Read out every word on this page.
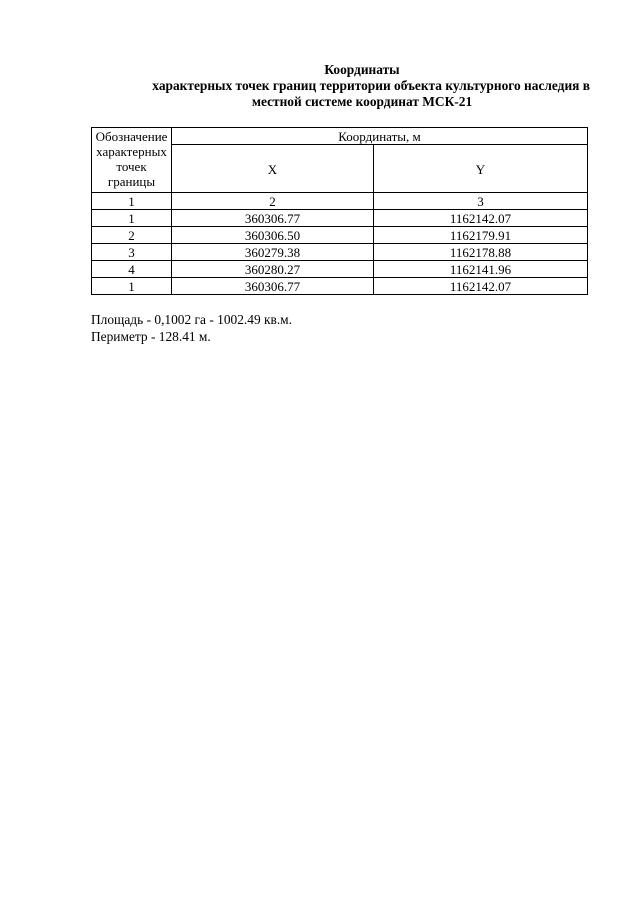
Координаты
характерных точек границ территории объекта культурного наследия в
местной системе координат МСК-21
Обозначение характерных точек границы	Координаты, м	
	X	Y
1	2	3
1	360306.77	1162142.07
2	360306.50	1162179.91
3	360279.38	1162178.88
4	360280.27	1162141.96
1	360306.77	1162142.07
Площадь - 0,1002 га - 1002.49 кв.м.
Периметр - 128.41 м.
